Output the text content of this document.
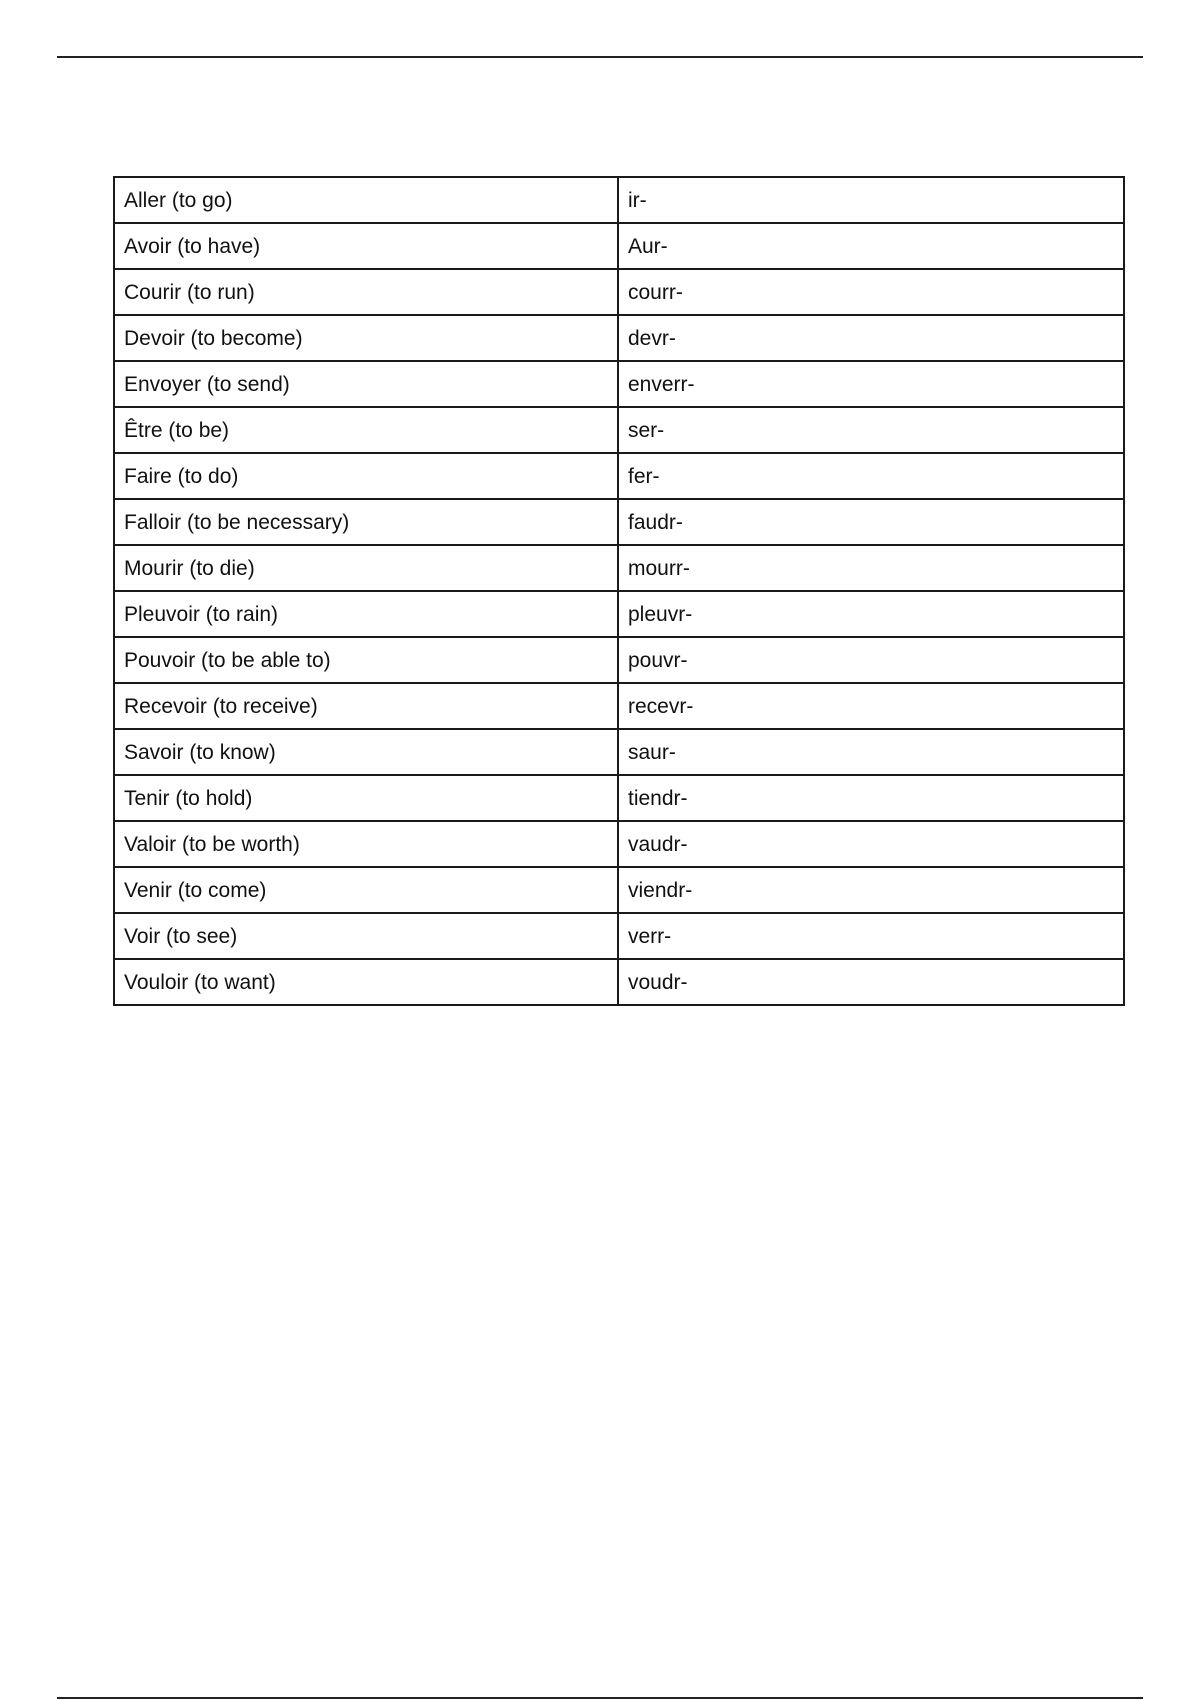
Aller (to go)	ir-
Avoir (to have)	Aur-
Courir (to run)	courr-
Devoir (to become)	devr-
Envoyer (to send)	enverr-
Être (to be)	ser-
Faire (to do)	fer-
Falloir (to be necessary)	faudr-
Mourir (to die)	mourr-
Pleuvoir (to rain)	pleuvr-
Pouvoir (to be able to)	pouvr-
Recevoir (to receive)	recevr-
Savoir (to know)	saur-
Tenir (to hold)	tiendr-
Valoir (to be worth)	vaudr-
Venir (to come)	viendr-
Voir (to see)	verr-
Vouloir (to want)	voudr-
